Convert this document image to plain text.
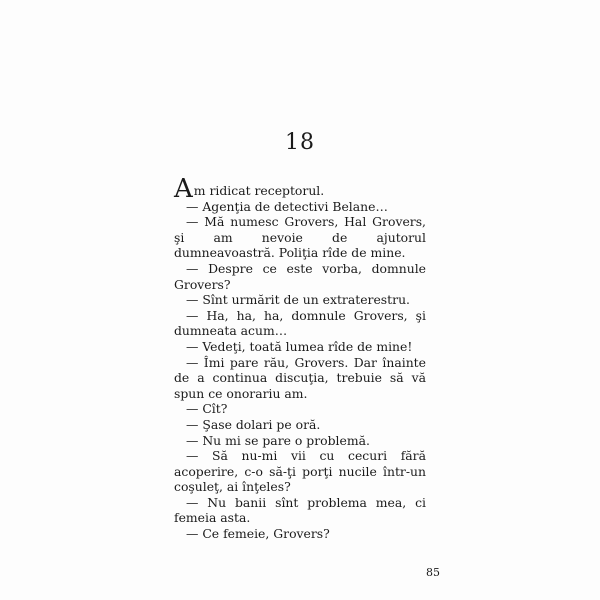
18

Am ridicat receptorul.

— Agenţia de detectivi Belane…

— Mă numesc Grovers, Hal Grovers, şi am nevoie de ajutorul dumneavoastră. Poliţia rîde de mine.

— Despre ce este vorba, domnule Grovers?

— Sînt urmărit de un extraterestru.

— Ha, ha, ha, domnule Grovers, şi dumneata acum…

— Vedeţi, toată lumea rîde de mine!

— Îmi pare rău, Grovers. Dar înainte de a continua discuţia, trebuie să vă spun ce onorariu am.

— Cît?

— Şase dolari pe oră.

— Nu mi se pare o problemă.

— Să nu-mi vii cu cecuri fără acoperire, c-o să-ţi porţi nucile într-un coşuleţ, ai înţeles?

— Nu banii sînt problema mea, ci femeia asta.

— Ce femeie, Grovers?

85
